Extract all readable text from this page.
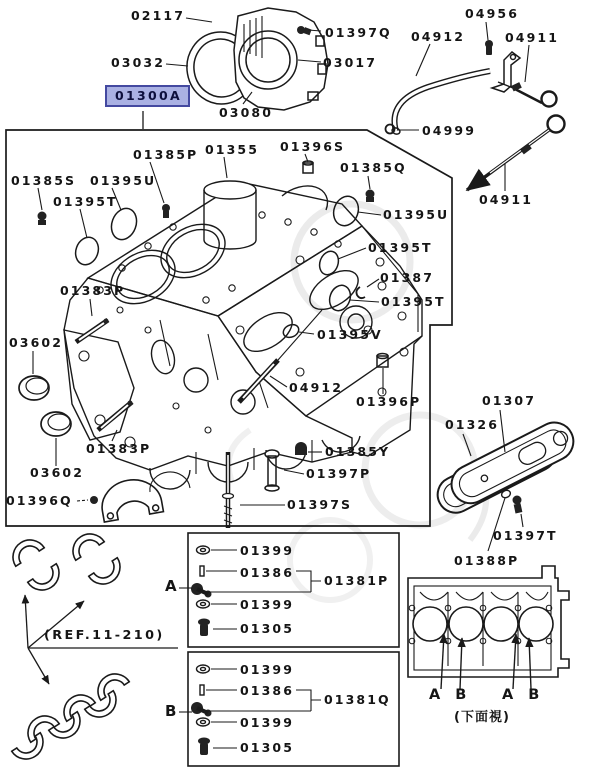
02117
01397Q
04956
04912	04911
03032	03017
01300A
03080
04999
01385P 01355 01396S
01385Q
01385S 01395U
01395T	04911
01395U
01395T
01387
01395T
01383P
03602
01395V
04912
01396P	01307
01326
01383P	01385Y
03602	01397P
01396Q	01397S
01397T
01388P
01399
01386
01381P
01399
01305
A
01399
01386
01381Q
01399
01305
B
(REF.11-210)
A B A B
(下面視)
